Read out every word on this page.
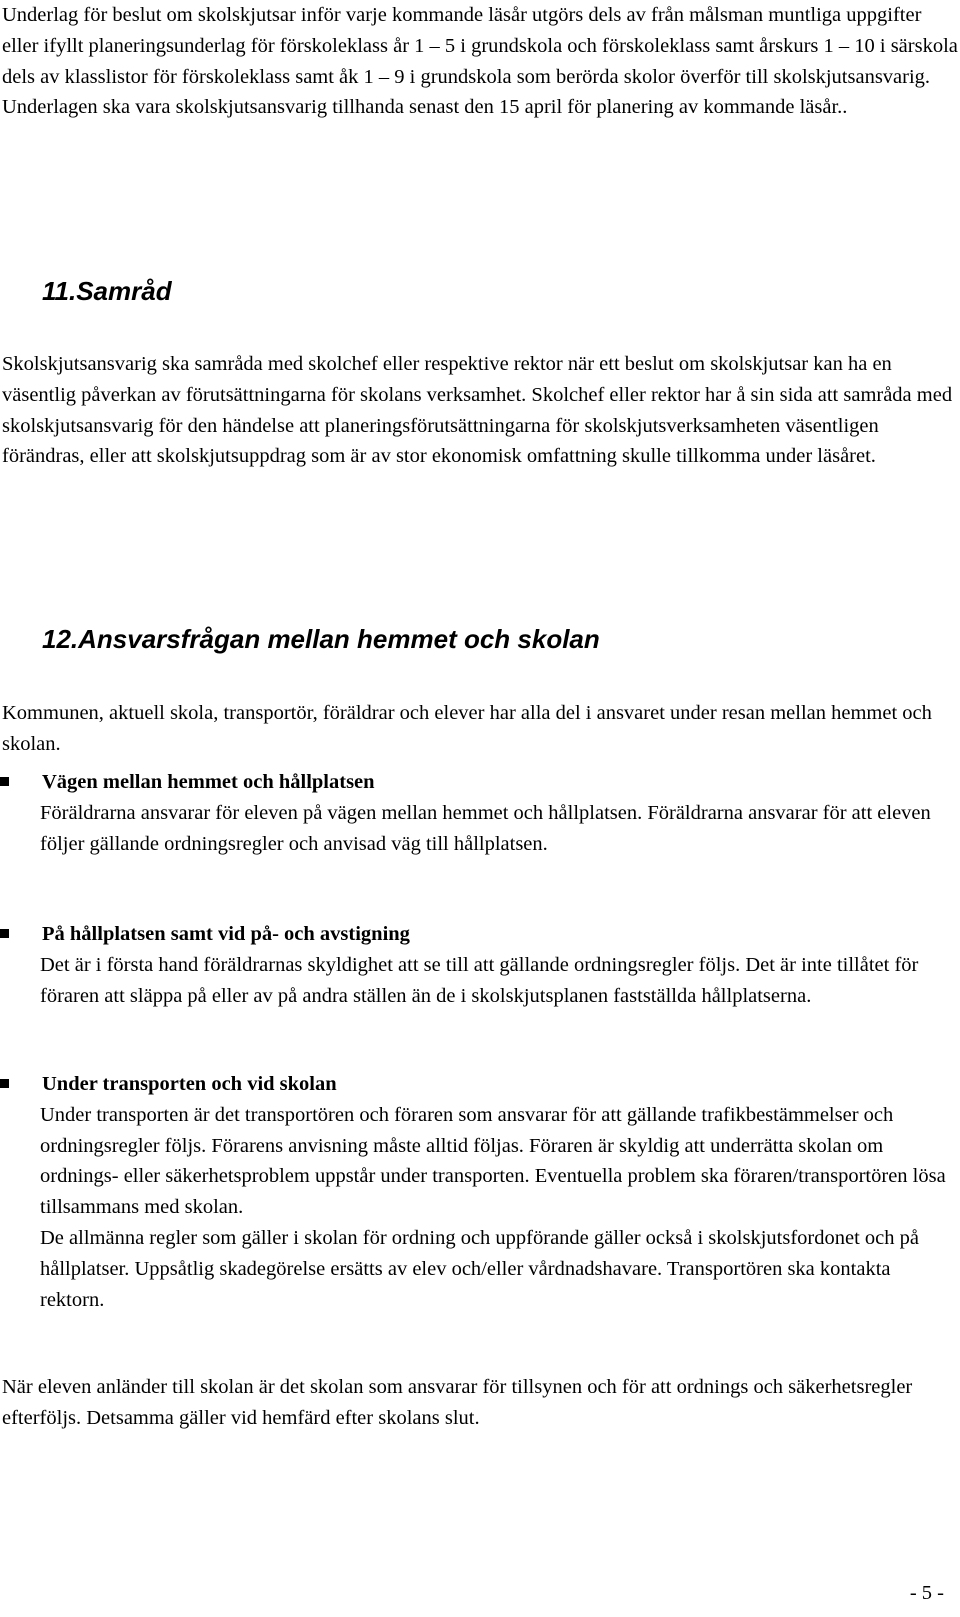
Underlag för beslut om skolskjutsar inför varje kommande läsår utgörs dels av från målsman muntliga uppgifter eller ifyllt planeringsunderlag för förskoleklass år 1 – 5 i grundskola och förskoleklass samt årskurs 1 – 10 i särskola dels av klasslistor för förskoleklass samt åk 1 – 9 i grundskola som berörda skolor överför till skolskjutsansvarig. Underlagen ska vara skolskjutsansvarig tillhanda senast den 15 april för planering av kommande läsår..

11.Samråd

Skolskjutsansvarig ska samråda med skolchef eller respektive rektor när ett beslut om skolskjutsar kan ha en väsentlig påverkan av förutsättningarna för skolans verksamhet. Skolchef eller rektor har å sin sida att samråda med skolskjutsansvarig för den händelse att planeringsförutsättningarna för skolskjutsverksamheten väsentligen förändras, eller att skolskjutsuppdrag som är av stor ekonomisk omfattning skulle tillkomma under läsåret.

12.Ansvarsfrågan mellan hemmet och skolan

Kommunen, aktuell skola, transportör, föräldrar och elever har alla del i ansvaret under resan mellan hemmet och skolan.

Vägen mellan hemmet och hållplatsen

Föräldrarna ansvarar för eleven på vägen mellan hemmet och hållplatsen. Föräldrarna ansvarar för att eleven följer gällande ordningsregler och anvisad väg till hållplatsen.

På hållplatsen samt vid på- och avstigning

Det är i första hand föräldrarnas skyldighet att se till att gällande ordningsregler följs. Det är inte tillåtet för föraren att släppa på eller av på andra ställen än de i skolskjutsplanen fastställda hållplatserna.

Under transporten och vid skolan

Under transporten är det transportören och föraren som ansvarar för att gällande trafikbestämmelser och ordningsregler följs. Förarens anvisning måste alltid följas. Föraren är skyldig att underrätta skolan om ordnings- eller säkerhetsproblem uppstår under transporten. Eventuella problem ska föraren/transportören lösa tillsammans med skolan.

De allmänna regler som gäller i skolan för ordning och uppförande gäller också i skolskjutsfordonet och på hållplatser. Uppsåtlig skadegörelse ersätts av elev och/eller vårdnadshavare. Transportören ska kontakta rektorn.

När eleven anländer till skolan är det skolan som ansvarar för tillsynen och för att ordnings och säkerhetsregler efterföljs. Detsamma gäller vid hemfärd efter skolans slut.

- 5 -
